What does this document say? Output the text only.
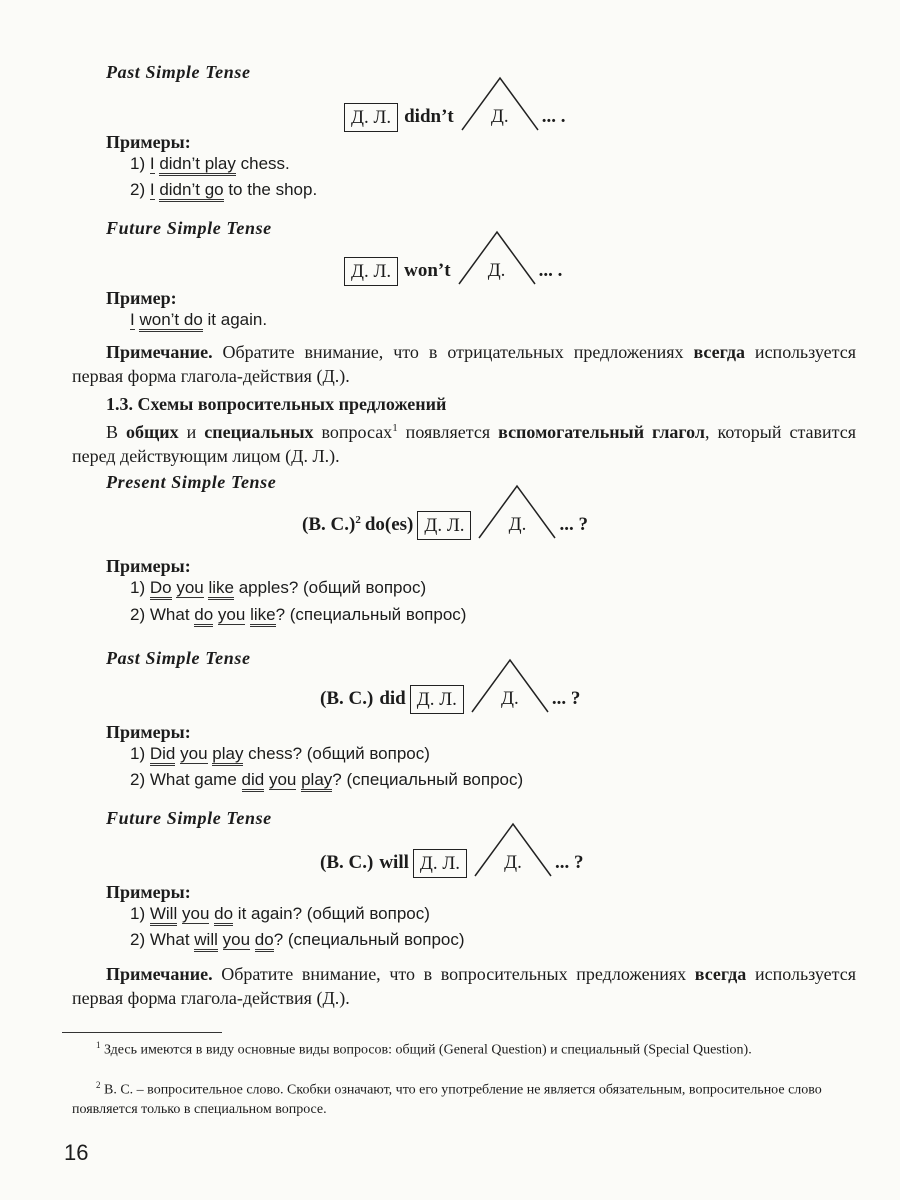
Past Simple Tense
Д. Л. didn’t	Д.	... .
Примеры:
1) I didn’t play chess.
2) I didn’t go to the shop.
Future Simple Tense
Д. Л. won’t	Д.	... .
Пример:
I won’t do it again.
Примечание. Обратите внимание, что в отрицательных предложениях всегда используется первая форма глагола-действия (Д.).
1.3. Схемы вопросительных предложений
В общих и специальных вопросах$^1$ появляется вспомогательный глагол, который ставится перед действующим лицом (Д. Л.).
Present Simple Tense
(В. С.)$^2$ do(es) Д. Л.	Д.	... ?
Примеры:
1) Do you like apples? (общий вопрос)
2) What do you like? (специальный вопрос)
Past Simple Tense
(В. С.) did Д. Л.	Д.	... ?
Примеры:
1) Did you play chess? (общий вопрос)
2) What game did you play? (специальный вопрос)
Future Simple Tense
(В. С.) will Д. Л.	Д.	... ?
Примеры:
1) Will you do it again? (общий вопрос)
2) What will you do? (специальный вопрос)
Примечание. Обратите внимание, что в вопросительных предложениях всегда используется первая форма глагола-действия (Д.).
$^1$ Здесь имеются в виду основные виды вопросов: общий (General Question) и специальный (Special Question).
$^2$ В. С. – вопросительное слово. Скобки означают, что его употребление не является обязательным, вопросительное слово появляется только в специальном вопросе.
16
